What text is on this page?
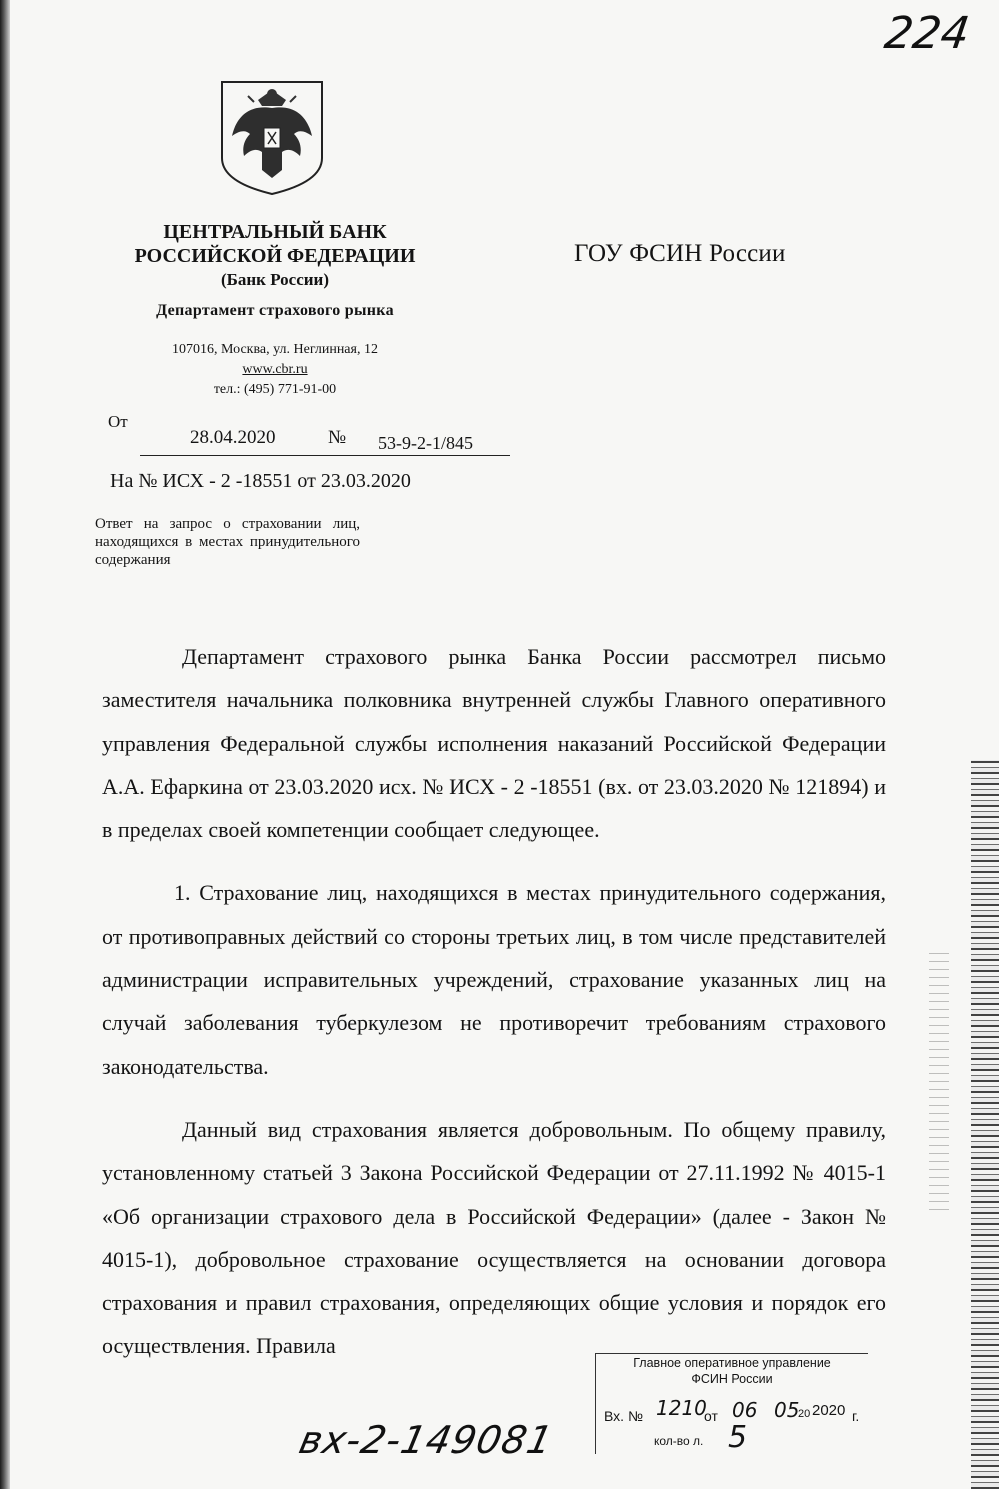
224
ЦЕНТРАЛЬНЫЙ БАНК
РОССИЙСКОЙ ФЕДЕРАЦИИ
(Банк России)
Департамент страхового рынка
107016, Москва, ул. Неглинная, 12
www.cbr.ru
тел.: (495) 771-91-00
ГОУ ФСИН России
От
28.04.2020	№ 53-9-2-1/845
На № ИСХ - 2 -18551 от 23.03.2020
Ответ на запрос о страховании лиц, находящихся в местах принудительного содержания

Департамент страхового рынка Банка России рассмотрел письмо заместителя начальника полковника внутренней службы Главного оперативного управления Федеральной службы исполнения наказаний Российской Федерации А.А. Ефаркина от 23.03.2020 исх. № ИСХ - 2 -18551 (вх. от 23.03.2020 № 121894) и в пределах своей компетенции сообщает следующее.

1. Страхование лиц, находящихся в местах принудительного содержания, от противоправных действий со стороны третьих лиц, в том числе представителей администрации исправительных учреждений, страхование указанных лиц на случай заболевания туберкулезом не противоречит требованиям страхового законодательства.

Данный вид страхования является добровольным. По общему правилу, установленному статьей 3 Закона Российской Федерации от 27.11.1992 № 4015-1 «Об организации страхового дела в Российской Федерации» (далее - Закон № 4015-1), добровольное страхование осуществляется на основании договора страхования и правил страхования, определяющих общие условия и порядок его осуществления. Правила

Главное оперативное управление
ФСИН России
Вх. № 1210
от 06 05
20 2020 г.
кол-во л. 5
вх-2-149081
